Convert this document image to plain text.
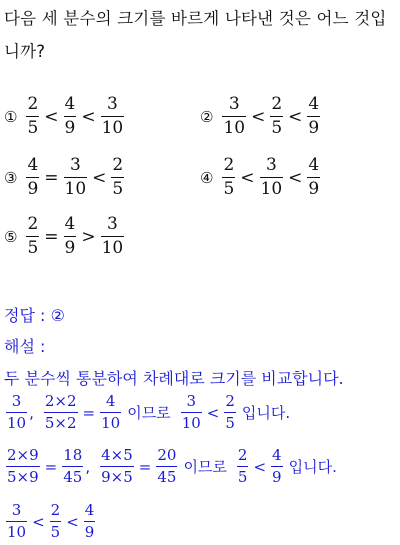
다음 세 분수의 크기를 바르게 나타낸 것은 어느 것입니까?
① $\frac{2}{5} < \frac{4}{9} < \frac{3}{10}$	② $\frac{3}{10} < \frac{2}{5} < \frac{4}{9}$
③ $\frac{4}{9} = \frac{3}{10} < \frac{2}{5}$	④ $\frac{2}{5} < \frac{3}{10} < \frac{4}{9}$
⑤ $\frac{2}{5} = \frac{4}{9} > \frac{3}{10}$
정답 : ②
해설 :
두 분수씩 통분하여 차례대로 크기를 비교합니다.
$\frac{3}{10}$ , $\frac{2\times 2}{5\times 2} = \frac{4}{10}$ 이므로 $\frac{3}{10} < \frac{2}{5}$ 입니다.
$\frac{2\times 9}{5\times 9} = \frac{18}{45}$ , $\frac{4\times 5}{9\times 5} = \frac{20}{45}$ 이므로 $\frac{2}{5} < \frac{4}{9}$ 입니다.
$\frac{3}{10} < \frac{2}{5} < \frac{4}{9}$
